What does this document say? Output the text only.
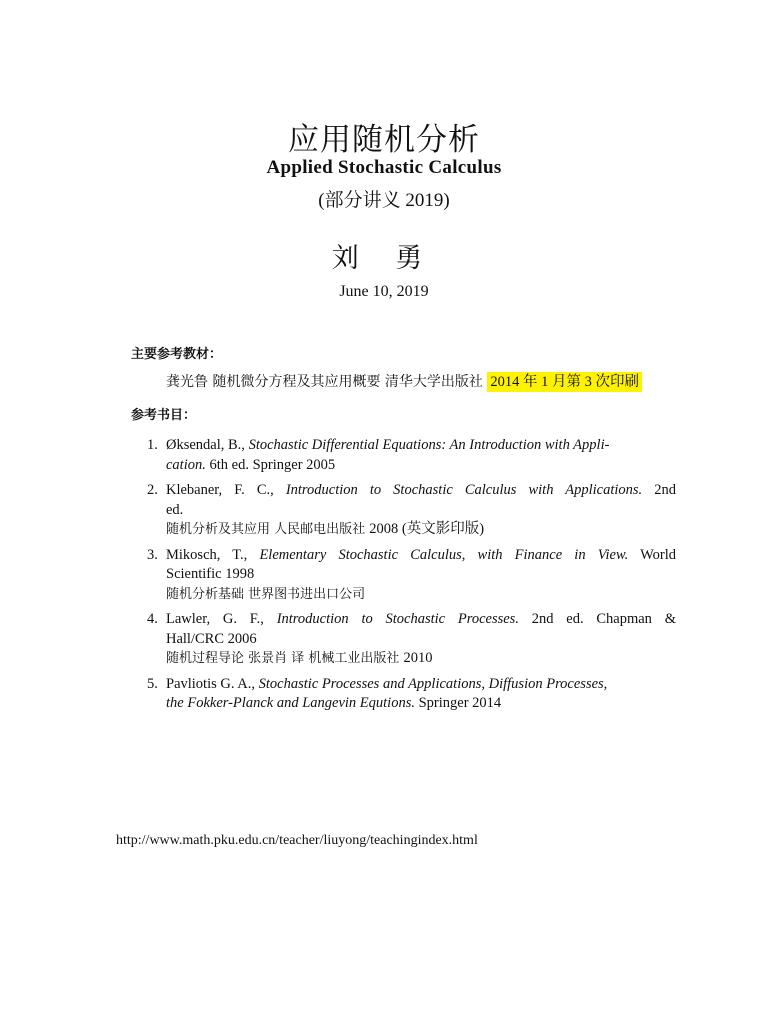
应用随机分析
Applied Stochastic Calculus
(部分讲义 2019)
刘 勇
June 10, 2019
主要参考教材：
龚光鲁 随机微分方程及其应用概要 清华大学出版社 2014 年 1 月第 3 次印刷
参考书目：
1. Øksendal, B., Stochastic Differential Equations: An Introduction with Appli-
cation. 6th ed. Springer 2005
2. Klebaner, F. C., Introduction to Stochastic Calculus with Applications. 2nd
ed.
随机分析及其应用 人民邮电出版社 2008 (英文影印版)
3. Mikosch, T., Elementary Stochastic Calculus, with Finance in View. World
Scientific 1998
随机分析基础 世界图书进出口公司
4. Lawler, G. F., Introduction to Stochastic Processes. 2nd ed. Chapman &
Hall/CRC 2006
随机过程导论 张景肖 译 机械工业出版社 2010
5. Pavliotis G. A., Stochastic Processes and Applications, Diffusion Processes,
the Fokker-Planck and Langevin Equtions. Springer 2014
http://www.math.pku.edu.cn/teacher/liuyong/teachingindex.html
